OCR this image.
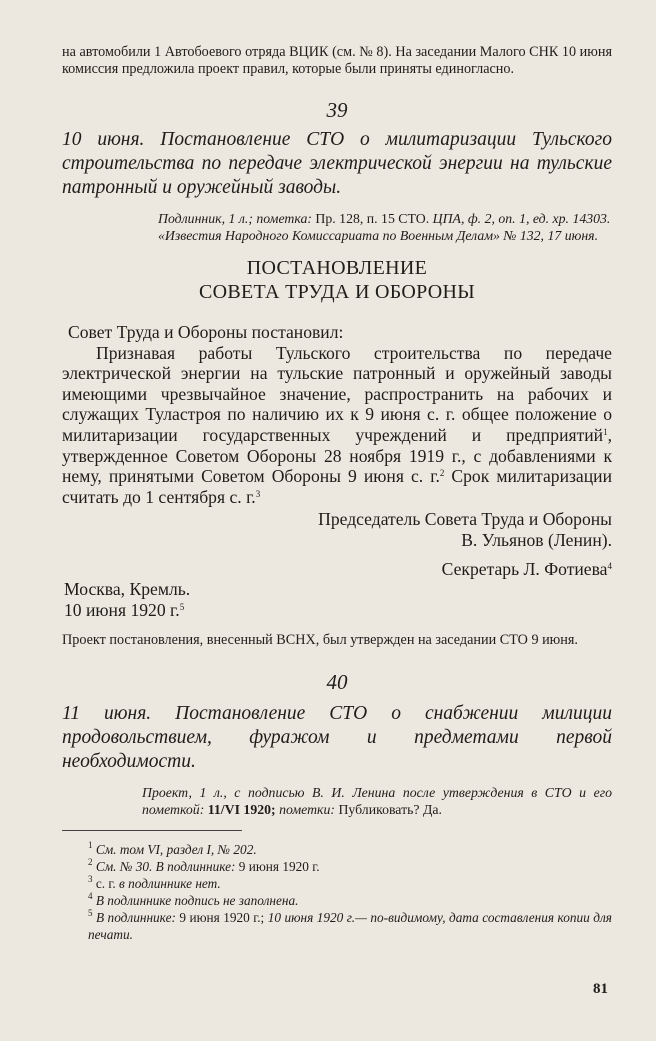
на автомобили 1 Автобоевого отряда ВЦИК (см. № 8). На заседании Малого СНК 10 июня комиссия предложила проект правил, которые были приняты единогласно.

39

10 июня. Постановление СТО о милитаризации Тульского строительства по передаче электрической энергии на тульские патронный и оружейный заводы.

Подлинник, 1 л.; пометка: Пр. 128, п. 15 СТО. ЦПА, ф. 2, оп. 1, ед. хр. 14303.
«Известия Народного Комиссариата по Военным Делам» № 132, 17 июня.
ПОСТАНОВЛЕНИЕ
СОВЕТА ТРУДА И ОБОРОНЫ
Совет Труда и Обороны постановил:

Признавая работы Тульского строительства по передаче электрической энергии на тульские патронный и оружейный заводы имеющими чрезвычайное значение, распространить на рабочих и служащих Туластроя по наличию их к 9 июня с. г. общее положение о милитаризации государственных учреждений и предприятий$^1$, утвержденное Советом Обороны 28 ноября 1919 г., с добавлениями к нему, принятыми Советом Обороны 9 июня с. г.$^2$ Срок милитаризации считать до 1 сентября с. г.$^3$

Председатель Совета Труда и Обороны
В. Ульянов (Ленин).
Секретарь Л. Фотиева$^4$
Москва, Кремль.
10 июня 1920 г.$^5$

Проект постановления, внесенный ВСНХ, был утвержден на заседании СТО 9 июня.

40

11 июня. Постановление СТО о снабжении милиции продовольствием, фуражом и предметами первой необходимости.

Проект, 1 л., с подписью В. И. Ленина после утверждения в СТО и его пометкой: 11/VI 1920; пометки: Публиковать? Да.
$^1$ См. том VI, раздел I, № 202.
$^2$ См. № 30. В подлиннике: 9 июня 1920 г.
$^3$ с. г. в подлиннике нет.
$^4$ В подлиннике подпись не заполнена.
$^5$ В подлиннике: 9 июня 1920 г.; 10 июня 1920 г.— по-видимому, дата составления копии для печати.
81
